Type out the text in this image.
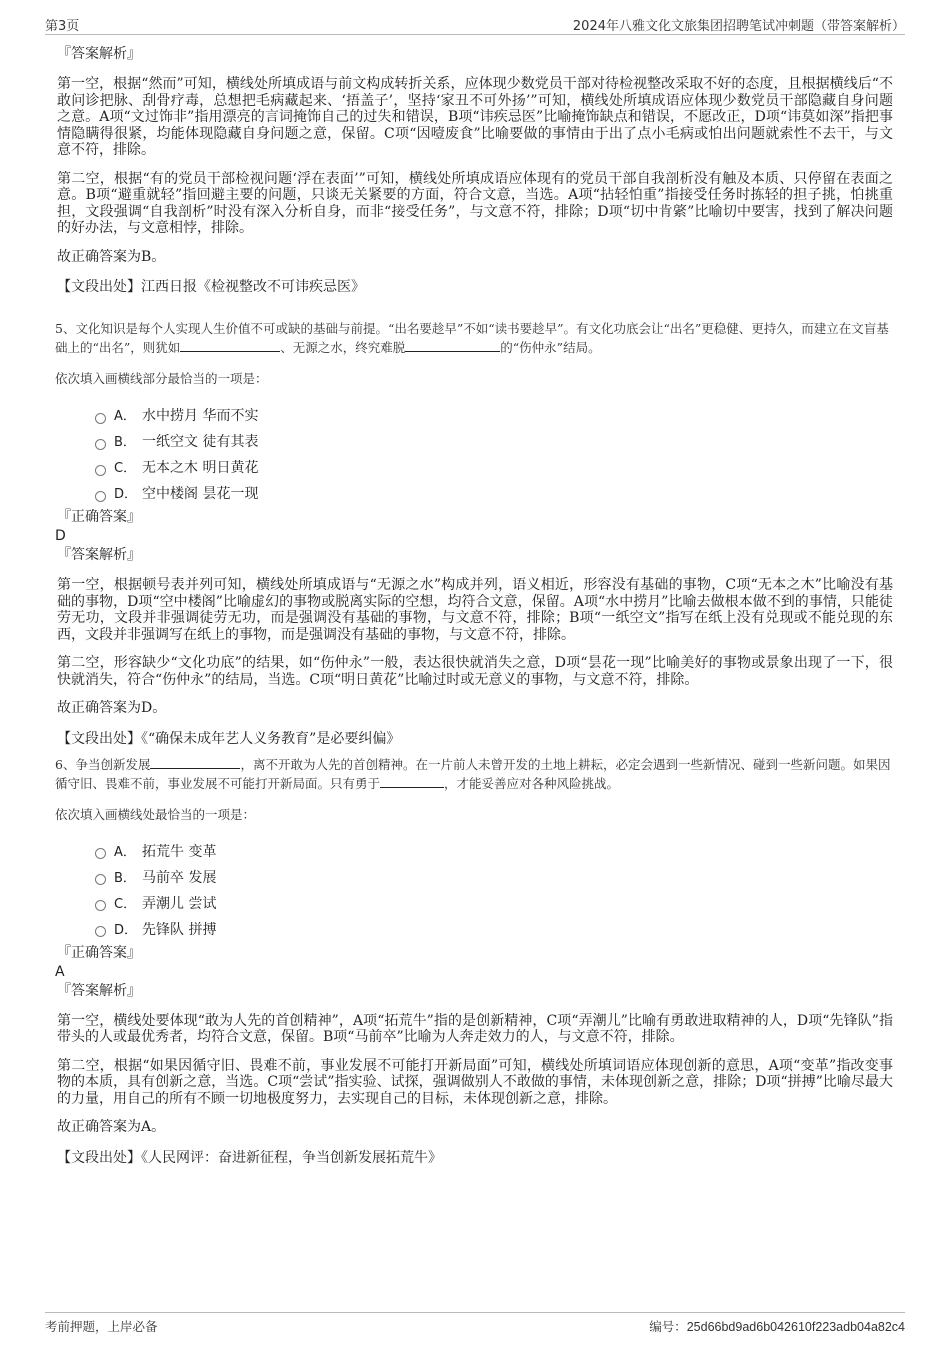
第3页	2024年八雅文化文旅集团招聘笔试冲刺题（带答案解析）

『答案解析』

第一空，根据“然而”可知，横线处所填成语与前文构成转折关系，应体现少数党员干部对待检视整改采取不好的态度，且根据横线后“不敢问诊把脉、刮骨疗毒，总想把毛病藏起来、‘捂盖子’，坚持‘家丑不可外扬’”可知，横线处所填成语应体现少数党员干部隐藏自身问题之意。A项“文过饰非”指用漂亮的言词掩饰自己的过失和错误，B项“讳疾忌医”比喻掩饰缺点和错误，不愿改正，D项“讳莫如深”指把事情隐瞒得很紧，均能体现隐藏自身问题之意，保留。C项“因噎废食”比喻要做的事情由于出了点小毛病或怕出问题就索性不去干，与文意不符，排除。

第二空，根据“有的党员干部检视问题‘浮在表面’”可知，横线处所填成语应体现有的党员干部自我剖析没有触及本质、只停留在表面之意。B项“避重就轻”指回避主要的问题，只谈无关紧要的方面，符合文意，当选。A项“拈轻怕重”指接受任务时拣轻的担子挑，怕挑重担，文段强调“自我剖析”时没有深入分析自身，而非“接受任务”，与文意不符，排除；D项“切中肯綮”比喻切中要害，找到了解决问题的好办法，与文意相悖，排除。

故正确答案为B。

【文段出处】江西日报《检视整改不可讳疾忌医》

5、文化知识是每个人实现人生价值不可或缺的基础与前提。“出名要趁早”不如“读书要趁早”。有文化功底会让“出名”更稳健、更持久，而建立在文盲基础上的“出名”，则犹如	、无源之水，终究难脱	的“伤仲永”结局。

依次填入画横线部分最恰当的一项是：

A． 水中捞月 华而不实
B． 一纸空文 徒有其表
C． 无本之木 明日黄花
D． 空中楼阁 昙花一现

『正确答案』

D

『答案解析』

第一空，根据顿号表并列可知，横线处所填成语与“无源之水”构成并列，语义相近，形容没有基础的事物，C项“无本之木”比喻没有基础的事物，D项“空中楼阁”比喻虚幻的事物或脱离实际的空想，均符合文意，保留。A项“水中捞月”比喻去做根本做不到的事情，只能徒劳无功，文段并非强调徒劳无功，而是强调没有基础的事物，与文意不符，排除；B项“一纸空文”指写在纸上没有兑现或不能兑现的东西，文段并非强调写在纸上的事物，而是强调没有基础的事物，与文意不符，排除。

第二空，形容缺少“文化功底”的结果，如“伤仲永”一般，表达很快就消失之意，D项“昙花一现”比喻美好的事物或景象出现了一下，很快就消失，符合“伤仲永”的结局，当选。C项“明日黄花”比喻过时或无意义的事物，与文意不符，排除。

故正确答案为D。

【文段出处】《“确保未成年艺人义务教育”是必要纠偏》

6、争当创新发展	，离不开敢为人先的首创精神。在一片前人未曾开发的土地上耕耘，必定会遇到一些新情况、碰到一些新问题。如果因循守旧、畏难不前，事业发展不可能打开新局面。只有勇于	，才能妥善应对各种风险挑战。

依次填入画横线处最恰当的一项是：

A． 拓荒牛 变革
B． 马前卒 发展
C． 弄潮儿 尝试
D． 先锋队 拼搏

『正确答案』

A

『答案解析』

第一空，横线处要体现“敢为人先的首创精神”，A项“拓荒牛”指的是创新精神，C项“弄潮儿”比喻有勇敢进取精神的人，D项“先锋队”指带头的人或最优秀者，均符合文意，保留。B项“马前卒”比喻为人奔走效力的人，与文意不符，排除。

第二空，根据“如果因循守旧、畏难不前，事业发展不可能打开新局面”可知，横线处所填词语应体现创新的意思，A项“变革”指改变事物的本质，具有创新之意，当选。C项“尝试”指实验、试探，强调做别人不敢做的事情，未体现创新之意，排除；D项“拼搏”比喻尽最大的力量，用自己的所有不顾一切地极度努力，去实现自己的目标，未体现创新之意，排除。

故正确答案为A。

【文段出处】《人民网评：奋进新征程，争当创新发展拓荒牛》

考前押题，上岸必备	编号：25d66bd9ad6b042610f223adb04a82c4
